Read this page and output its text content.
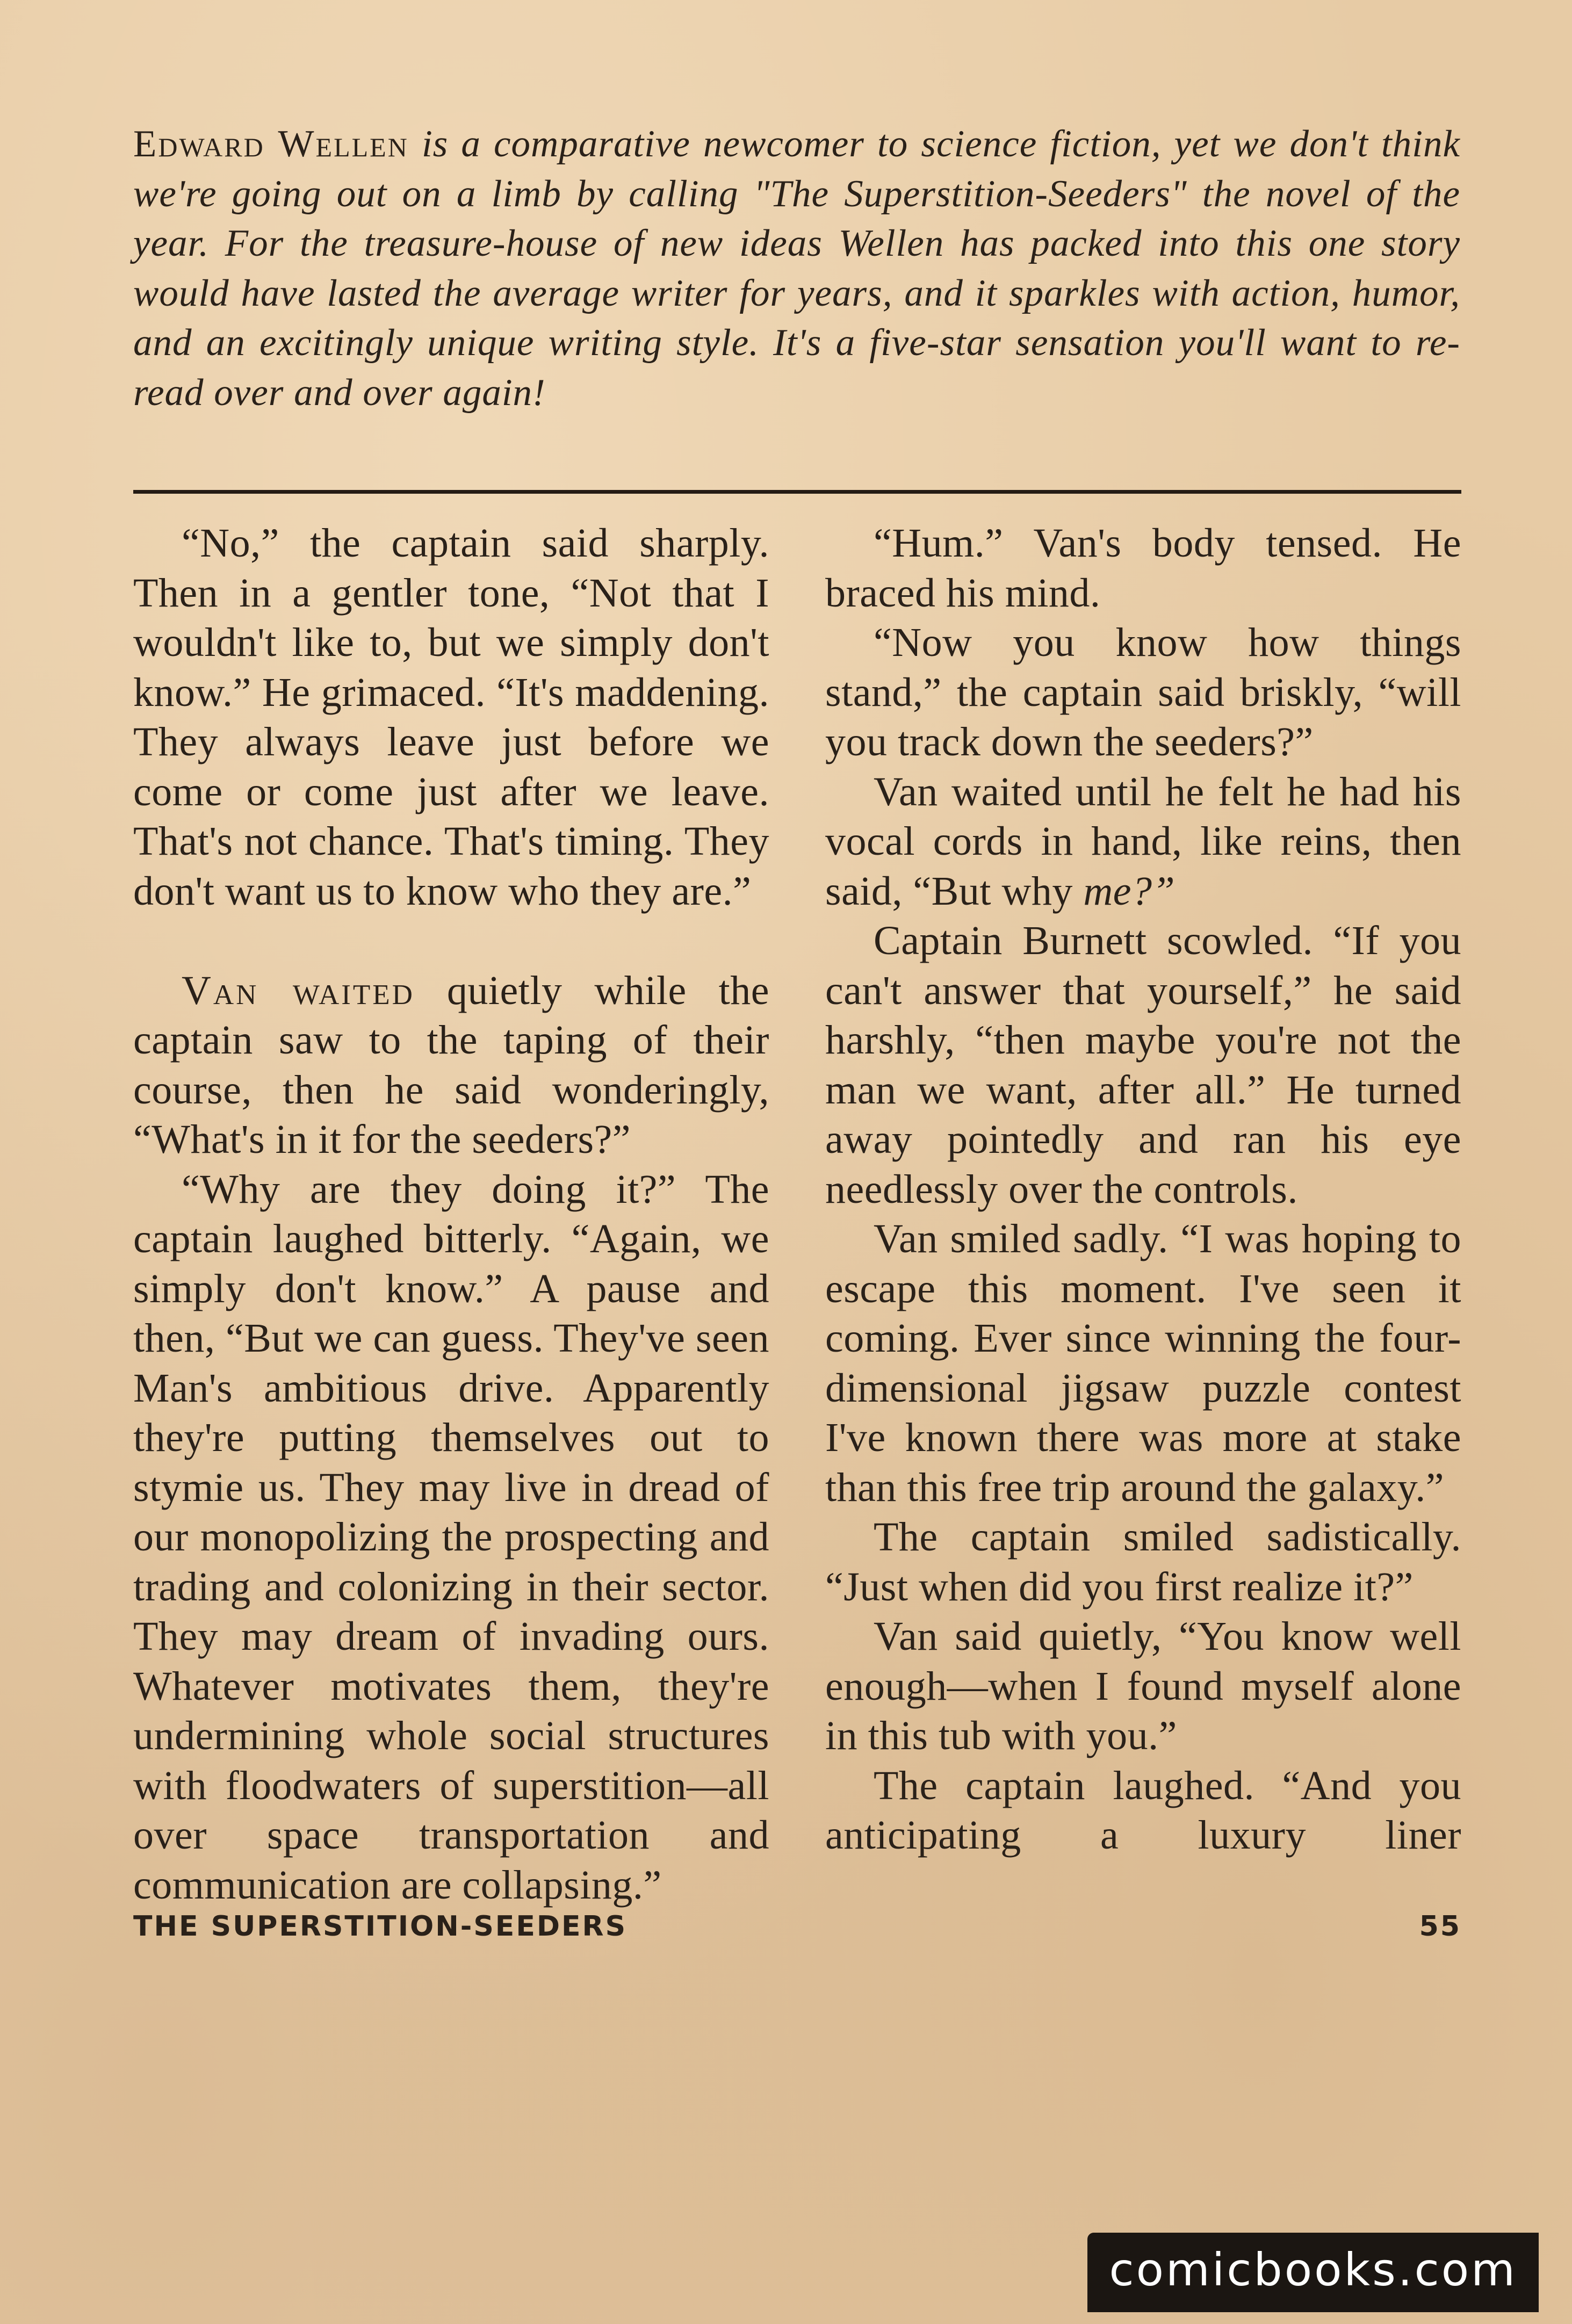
Edward Wellen is a comparative newcomer to science fiction, yet we don't think we're going out on a limb by calling "The Superstition-Seeders" the novel of the year. For the treasure-house of new ideas Wellen has packed into this one story would have lasted the average writer for years, and it sparkles with action, humor, and an excitingly unique writing style. It's a five-star sensation you'll want to re-read over and over again!

“No,” the captain said sharply. Then in a gentler tone, “Not that I wouldn't like to, but we simply don't know.” He grimaced. “It's maddening. They always leave just before we come or come just after we leave. That's not chance. That's timing. They don't want us to know who they are.”

Van waited quietly while the captain saw to the taping of their course, then he said wonderingly, “What's in it for the seeders?”

“Why are they doing it?” The captain laughed bitterly. “Again, we simply don't know.” A pause and then, “But we can guess. They've seen Man's ambitious drive. Apparently they're putting themselves out to stymie us. They may live in dread of our monopolizing the prospecting and trading and colonizing in their sector. They may dream of invading ours. Whatever motivates them, they're undermining whole social structures with floodwaters of superstition—all over space transportation and communication are collapsing.”

“Hum.” Van's body tensed. He braced his mind.

“Now you know how things stand,” the captain said briskly, “will you track down the seeders?”

Van waited until he felt he had his vocal cords in hand, like reins, then said, “But why me?”

Captain Burnett scowled. “If you can't answer that yourself,” he said harshly, “then maybe you're not the man we want, after all.” He turned away pointedly and ran his eye needlessly over the controls.

Van smiled sadly. “I was hoping to escape this moment. I've seen it coming. Ever since winning the four-dimensional jigsaw puzzle contest I've known there was more at stake than this free trip around the galaxy.”

The captain smiled sadistically. “Just when did you first realize it?”

Van said quietly, “You know well enough—when I found myself alone in this tub with you.”

The captain laughed. “And you anticipating a luxury liner

THE SUPERSTITION-SEEDERS	55
comicbooks.com
